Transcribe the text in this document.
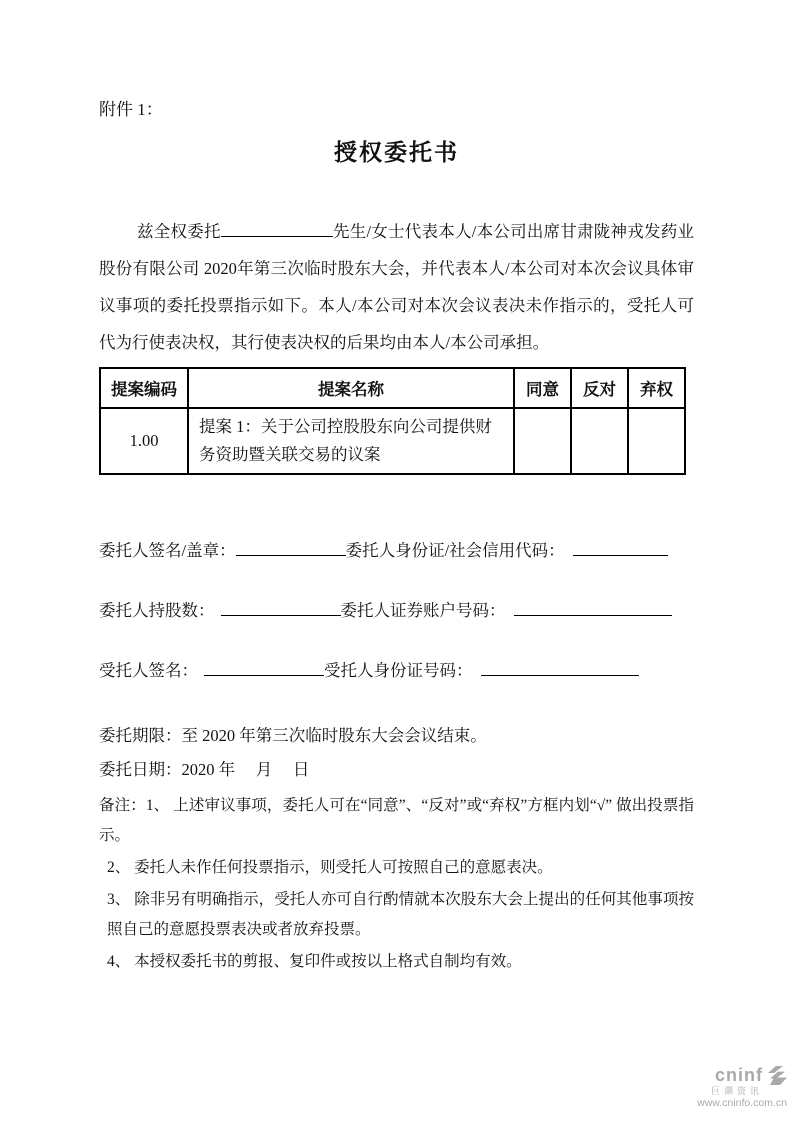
附件 1：
授权委托书

兹全权委托	先生/女士代表本人/本公司出席甘肃陇神戎发药业股份有限公司 2020年第三次临时股东大会，并代表本人/本公司对本次会议具体审议事项的委托投票指示如下。本人/本公司对本次会议表决未作指示的，受托人可代为行使表决权，其行使表决权的后果均由本人/本公司承担。

提案编码	提案名称	同意	反对	弃权
1.00	提案 1：关于公司控股股东向公司提供财务资助暨关联交易的议案			
委托人签名/盖章：	委托人身份证/社会信用代码：
委托人持股数：	委托人证券账户号码：
受托人签名：	受托人身份证号码：
委托期限：至 2020 年第三次临时股东大会会议结束。
委托日期：2020 年　 月　 日

备注：1、 上述审议事项，委托人可在“同意”、“反对”或“弃权”方框内划“√” 做出投票指示。

2、 委托人未作任何投票指示，则受托人可按照自己的意愿表决。

3、 除非另有明确指示，受托人亦可自行酌情就本次股东大会上提出的任何其他事项按照自己的意愿投票表决或者放弃投票。

4、 本授权委托书的剪报、复印件或按以上格式自制均有效。

cninf
巨潮资讯
www.cninfo.com.cn
